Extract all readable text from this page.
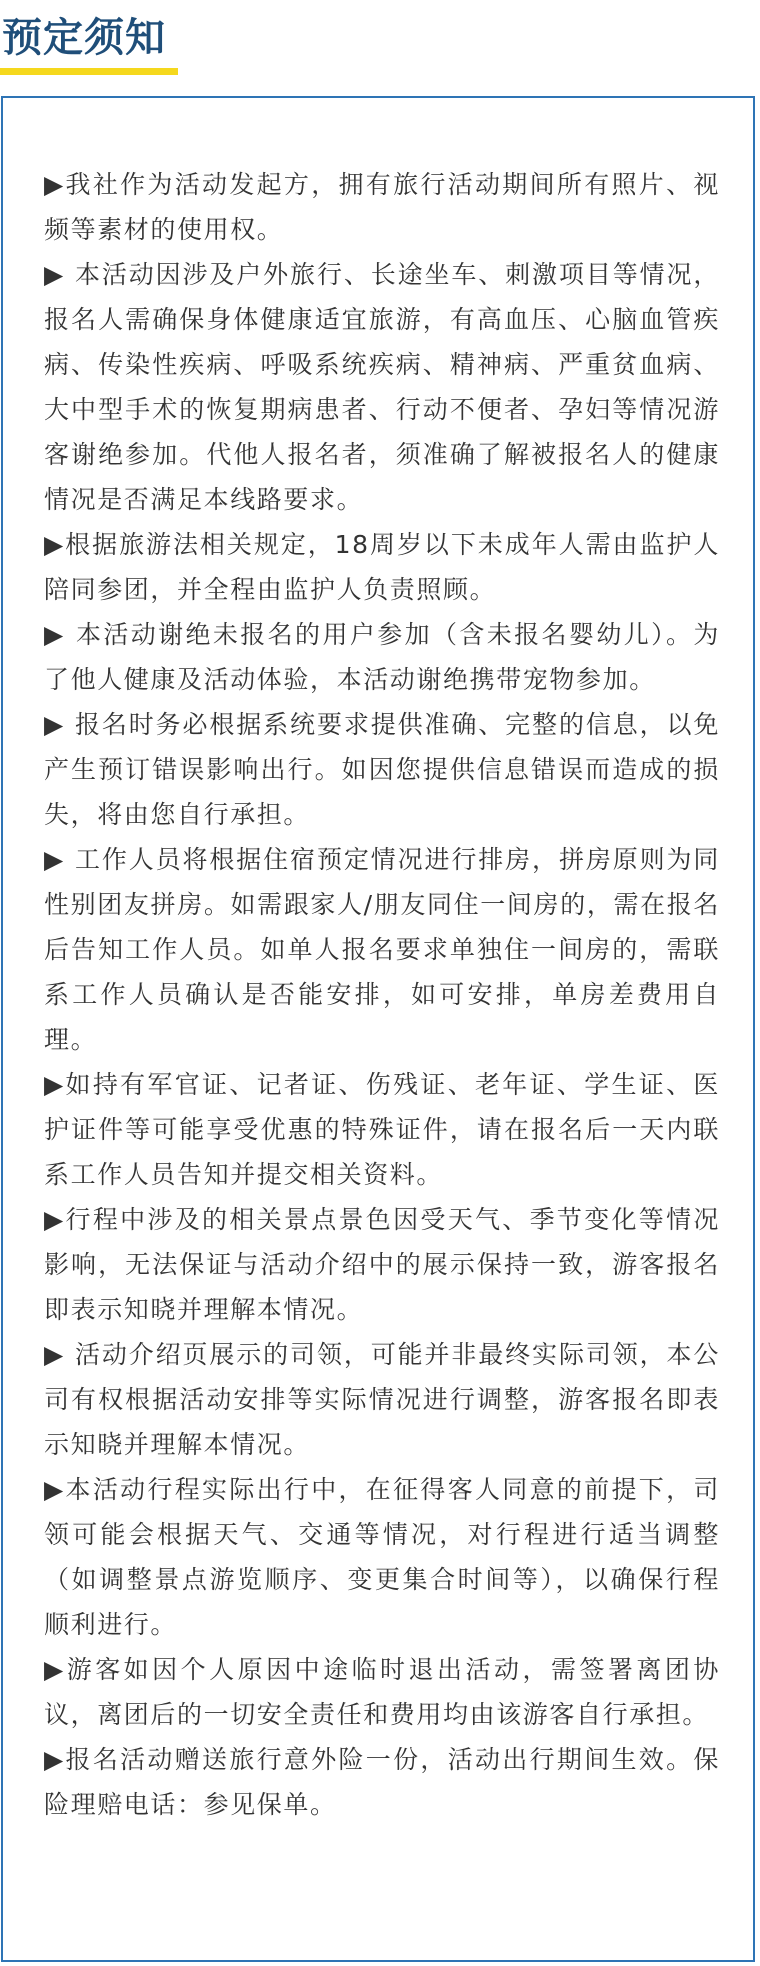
预定须知
▶我社作为活动发起方，拥有旅行活动期间所有照片、视频等素材的使用权。
▶ 本活动因涉及户外旅行、长途坐车、刺激项目等情况，报名人需确保身体健康适宜旅游，有高血压、心脑血管疾病、传染性疾病、呼吸系统疾病、精神病、严重贫血病、大中型手术的恢复期病患者、行动不便者、孕妇等情况游客谢绝参加。代他人报名者，须准确了解被报名人的健康情况是否满足本线路要求。
▶根据旅游法相关规定，18周岁以下未成年人需由监护人陪同参团，并全程由监护人负责照顾。
▶ 本活动谢绝未报名的用户参加（含未报名婴幼儿）。为了他人健康及活动体验，本活动谢绝携带宠物参加。
▶ 报名时务必根据系统要求提供准确、完整的信息，以免产生预订错误影响出行。如因您提供信息错误而造成的损失，将由您自行承担。
▶ 工作人员将根据住宿预定情况进行排房，拼房原则为同性别团友拼房。如需跟家人/朋友同住一间房的，需在报名后告知工作人员。如单人报名要求单独住一间房的，需联系工作人员确认是否能安排，如可安排，单房差费用自理。
▶如持有军官证、记者证、伤残证、老年证、学生证、医护证件等可能享受优惠的特殊证件，请在报名后一天内联系工作人员告知并提交相关资料。
▶行程中涉及的相关景点景色因受天气、季节变化等情况影响，无法保证与活动介绍中的展示保持一致，游客报名即表示知晓并理解本情况。
▶ 活动介绍页展示的司领，可能并非最终实际司领，本公司有权根据活动安排等实际情况进行调整，游客报名即表示知晓并理解本情况。
▶本活动行程实际出行中，在征得客人同意的前提下，司领可能会根据天气、交通等情况，对行程进行适当调整（如调整景点游览顺序、变更集合时间等），以确保行程顺利进行。
▶游客如因个人原因中途临时退出活动，需签署离团协议，离团后的一切安全责任和费用均由该游客自行承担。
▶报名活动赠送旅行意外险一份，活动出行期间生效。保险理赔电话：参见保单。
